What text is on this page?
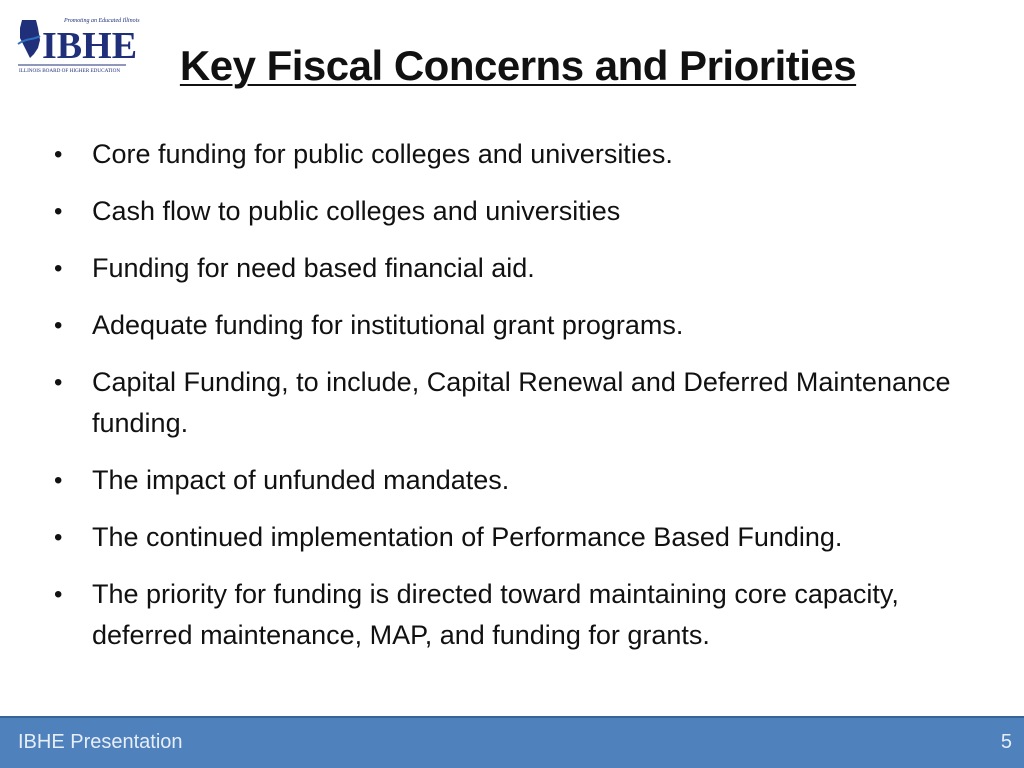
IBHE
Promoting an Educated Illinois
ILLINOIS BOARD OF HIGHER EDUCATION	Key Fiscal Concerns and Priorities
• Core funding for public colleges and universities.
• Cash flow to public colleges and universities
• Funding for need based financial aid.
• Adequate funding for institutional grant programs.
• Capital Funding, to include, Capital Renewal and Deferred Maintenance funding.
• The impact of unfunded mandates.
• The continued implementation of Performance Based Funding.
• The priority for funding is directed toward maintaining core capacity, deferred maintenance, MAP, and funding for grants.
IBHE Presentation	5
